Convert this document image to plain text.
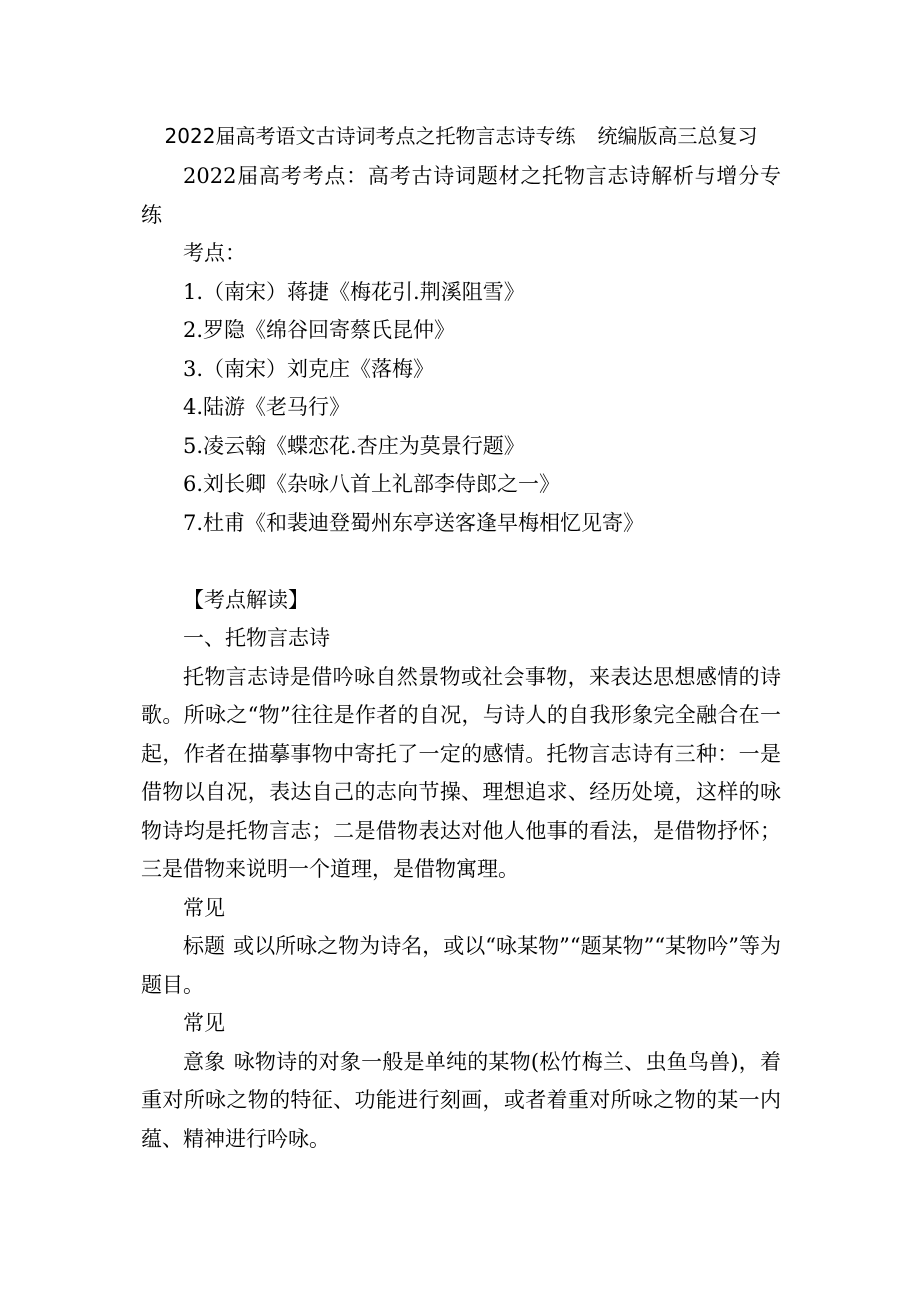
2022届高考语文古诗词考点之托物言志诗专练 统编版高三总复习

2022届高考考点：高考古诗词题材之托物言志诗解析与增分专练

考点：

1.（南宋）蒋捷《梅花引.荆溪阻雪》

2.罗隐《绵谷回寄蔡氏昆仲》

3.（南宋）刘克庄《落梅》

4.陆游《老马行》

5.凌云翰《蝶恋花.杏庄为莫景行题》

6.刘长卿《杂咏八首上礼部李侍郎之一》

7.杜甫《和裴迪登蜀州东亭送客逢早梅相忆见寄》

【考点解读】

一、托物言志诗

托物言志诗是借吟咏自然景物或社会事物，来表达思想感情的诗歌。所咏之“物”往往是作者的自况，与诗人的自我形象完全融合在一起，作者在描摹事物中寄托了一定的感情。托物言志诗有三种：一是借物以自况，表达自己的志向节操、理想追求、经历处境，这样的咏物诗均是托物言志；二是借物表达对他人他事的看法，是借物抒怀；三是借物来说明一个道理，是借物寓理。

常见

标题 或以所咏之物为诗名，或以“咏某物”“题某物”“某物吟”等为题目。

常见

意象 咏物诗的对象一般是单纯的某物(松竹梅兰、虫鱼鸟兽)，着重对所咏之物的特征、功能进行刻画，或者着重对所咏之物的某一内蕴、精神进行吟咏。
